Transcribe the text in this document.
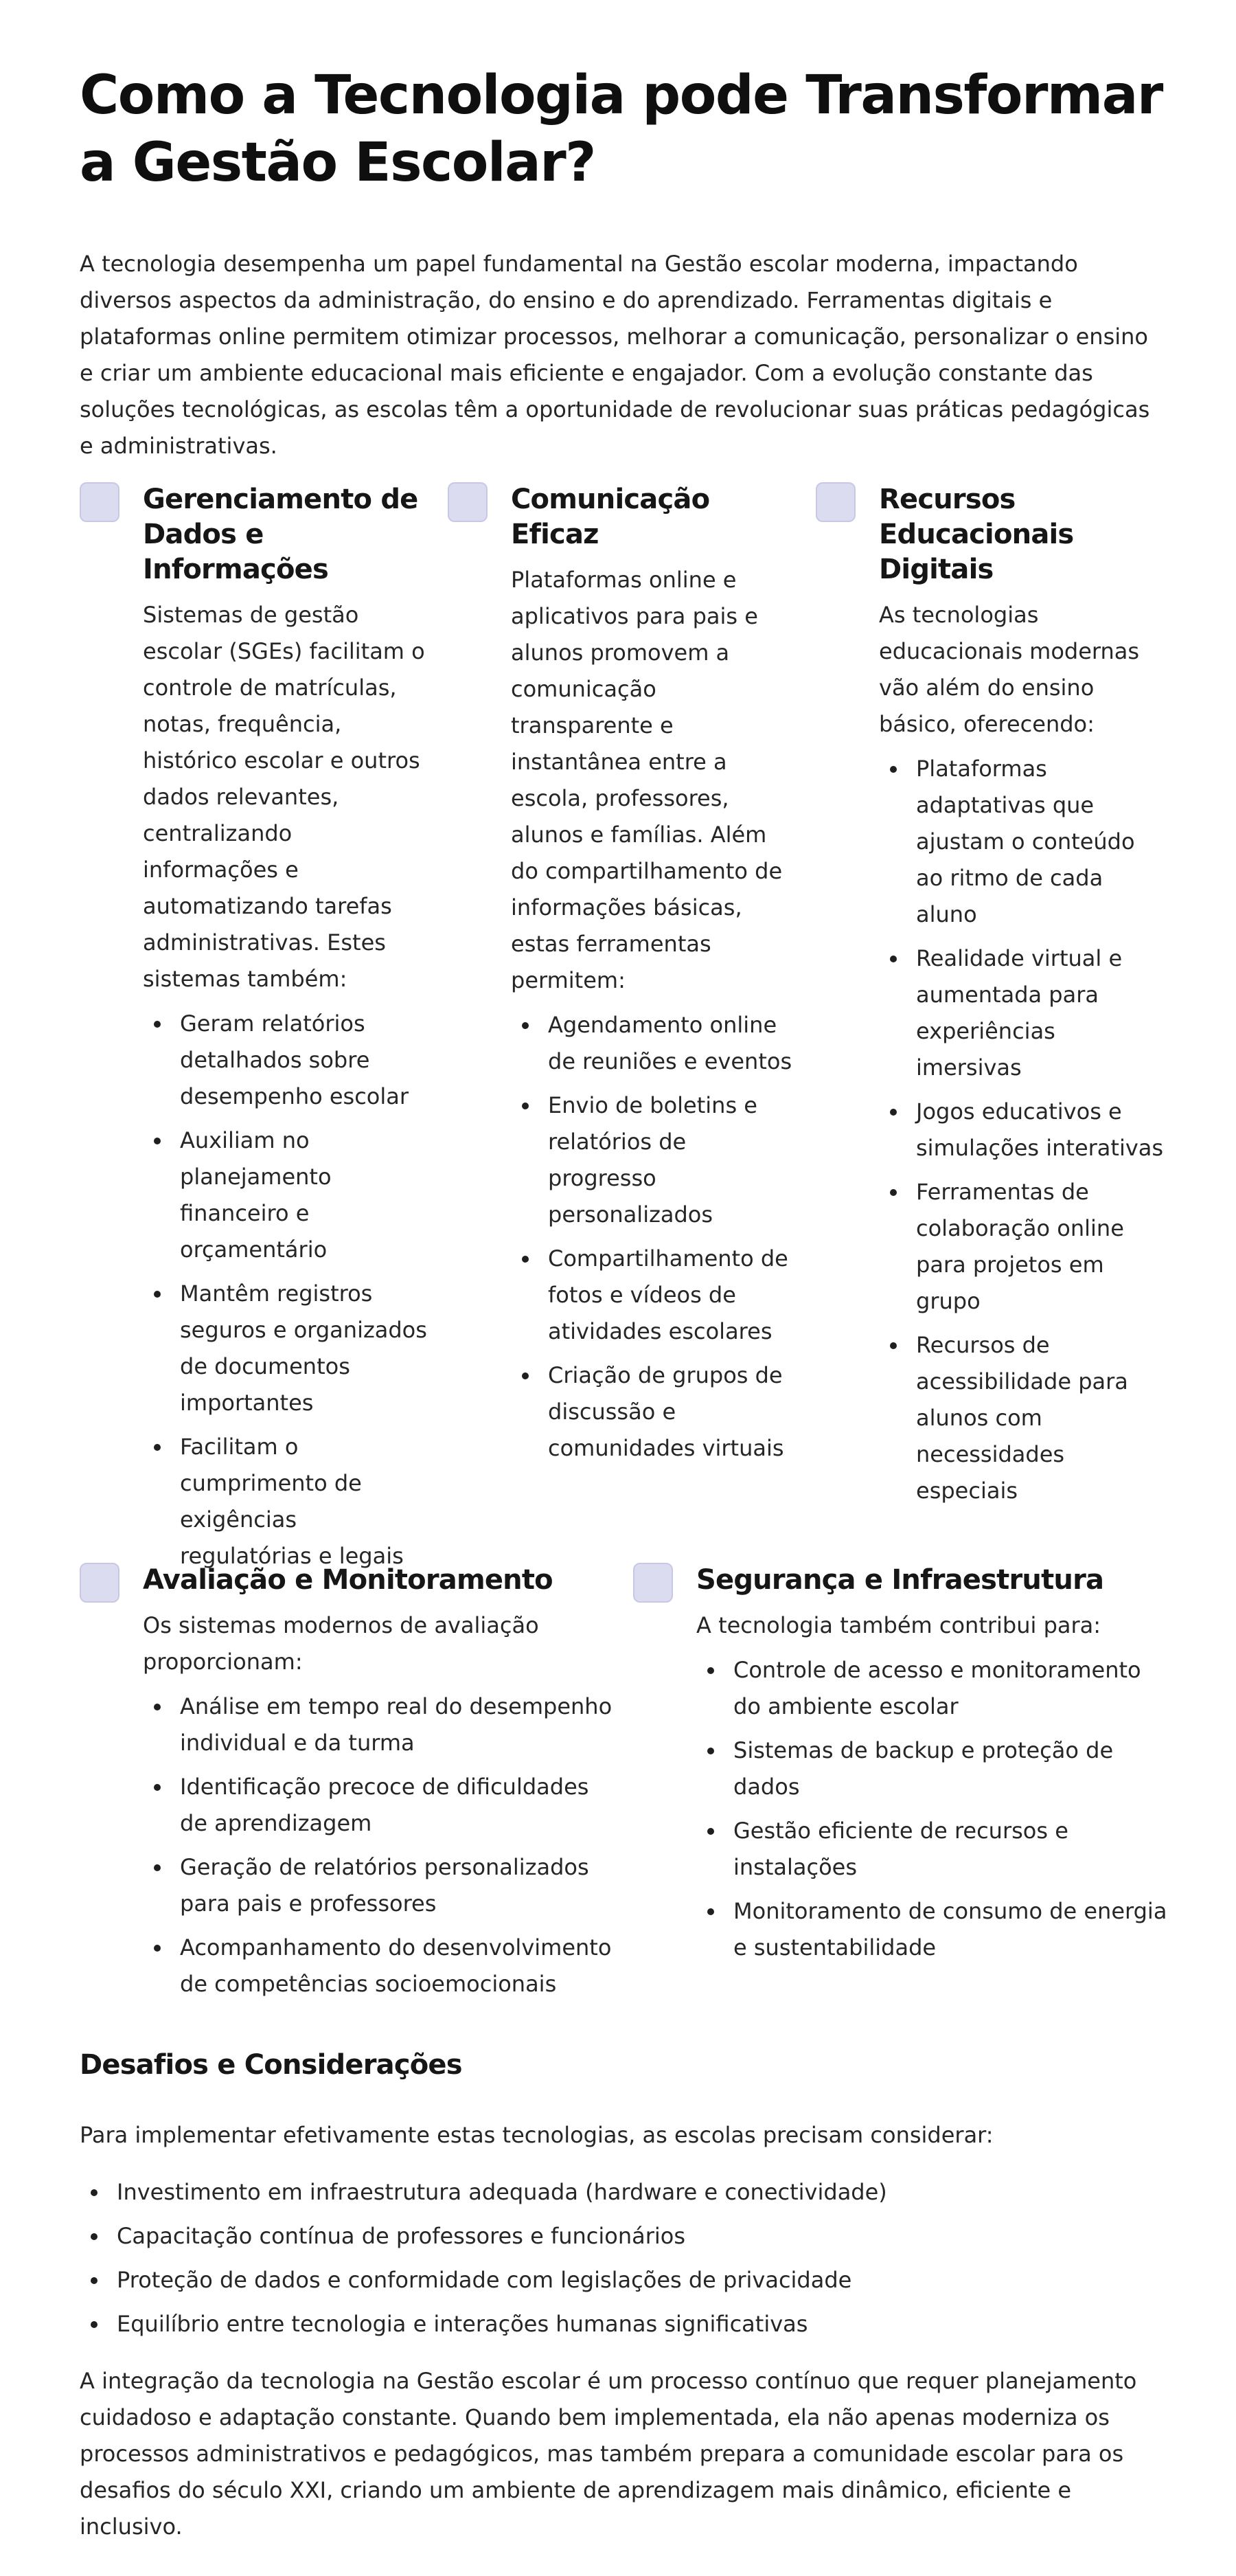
Como a Tecnologia pode Transformar a Gestão Escolar?

A tecnologia desempenha um papel fundamental na Gestão escolar moderna, impactando diversos aspectos da administração, do ensino e do aprendizado. Ferramentas digitais e plataformas online permitem otimizar processos, melhorar a comunicação, personalizar o ensino e criar um ambiente educacional mais eficiente e engajador. Com a evolução constante das soluções tecnológicas, as escolas têm a oportunidade de revolucionar suas práticas pedagógicas e administrativas.

Gerenciamento de Dados e Informações

Sistemas de gestão escolar (SGEs) facilitam o controle de matrículas, notas, frequência, histórico escolar e outros dados relevantes, centralizando informações e automatizando tarefas administrativas. Estes sistemas também:

Geram relatórios detalhados sobre desempenho escolar
Auxiliam no planejamento financeiro e orçamentário
Mantêm registros seguros e organizados de documentos importantes
Facilitam o cumprimento de exigências regulatórias e legais
Comunicação Eficaz

Plataformas online e aplicativos para pais e alunos promovem a comunicação transparente e instantânea entre a escola, professores, alunos e famílias. Além do compartilhamento de informações básicas, estas ferramentas permitem:

Agendamento online de reuniões e eventos
Envio de boletins e relatórios de progresso personalizados
Compartilhamento de fotos e vídeos de atividades escolares
Criação de grupos de discussão e comunidades virtuais
Recursos Educacionais Digitais

As tecnologias educacionais modernas vão além do ensino básico, oferecendo:

Plataformas adaptativas que ajustam o conteúdo ao ritmo de cada aluno
Realidade virtual e aumentada para experiências imersivas
Jogos educativos e simulações interativas
Ferramentas de colaboração online para projetos em grupo
Recursos de acessibilidade para alunos com necessidades especiais
Avaliação e Monitoramento

Os sistemas modernos de avaliação proporcionam:

Análise em tempo real do desempenho individual e da turma
Identificação precoce de dificuldades de aprendizagem
Geração de relatórios personalizados para pais e professores
Acompanhamento do desenvolvimento de competências socioemocionais
Segurança e Infraestrutura

A tecnologia também contribui para:

Controle de acesso e monitoramento do ambiente escolar
Sistemas de backup e proteção de dados
Gestão eficiente de recursos e instalações
Monitoramento de consumo de energia e sustentabilidade
Desafios e Considerações

Para implementar efetivamente estas tecnologias, as escolas precisam considerar:

Investimento em infraestrutura adequada (hardware e conectividade)
Capacitação contínua de professores e funcionários
Proteção de dados e conformidade com legislações de privacidade
Equilíbrio entre tecnologia e interações humanas significativas

A integração da tecnologia na Gestão escolar é um processo contínuo que requer planejamento cuidadoso e adaptação constante. Quando bem implementada, ela não apenas moderniza os processos administrativos e pedagógicos, mas também prepara a comunidade escolar para os desafios do século XXI, criando um ambiente de aprendizagem mais dinâmico, eficiente e inclusivo.
